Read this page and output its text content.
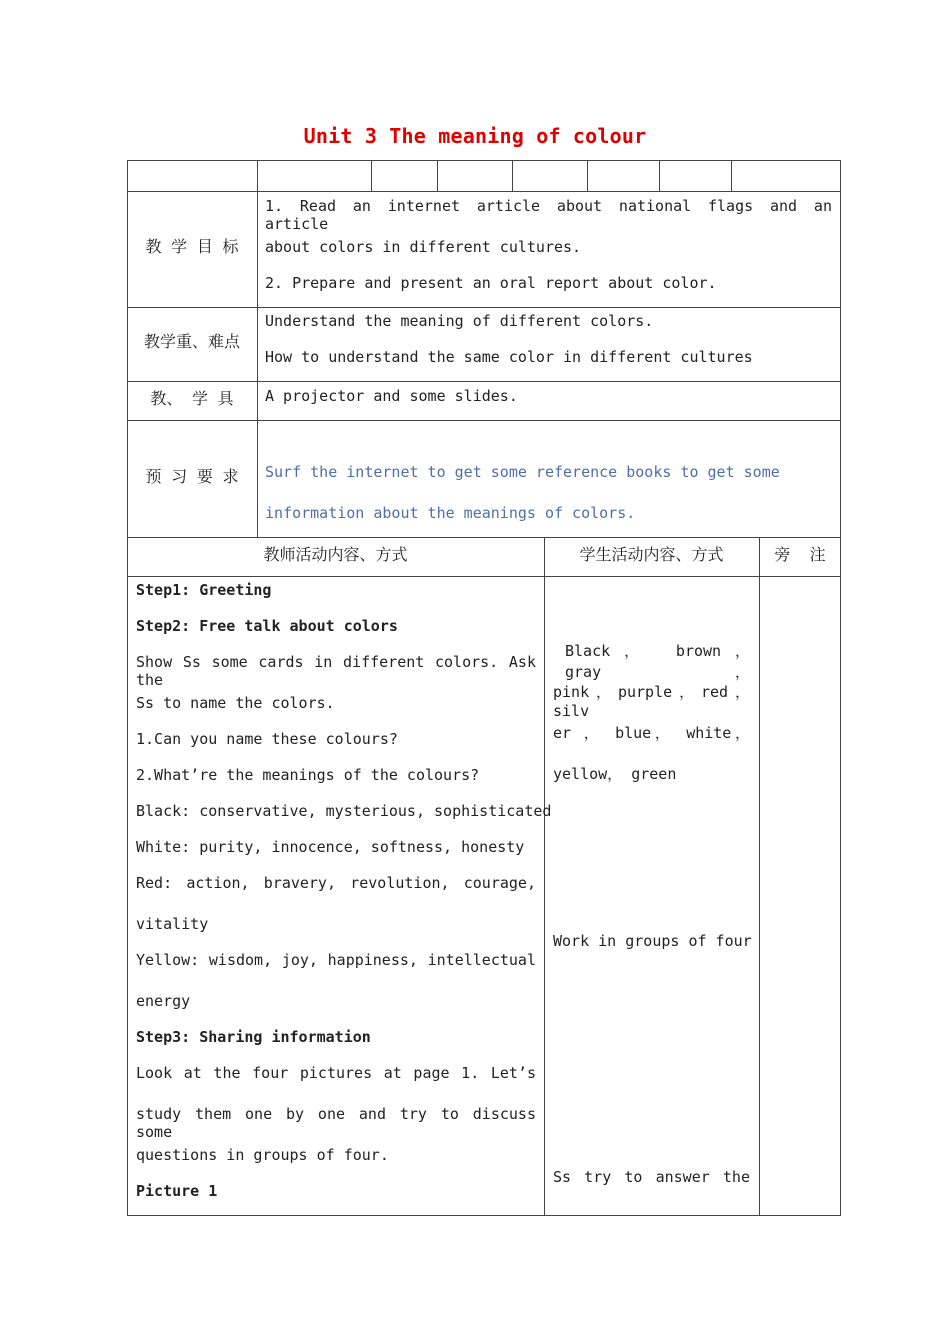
Unit 3 The meaning of colour
教 学 目 标
教学重、难点
教、 学 具
预 习 要 求
1. Read an internet article about national flags and an article
about colors in different cultures.
2. Prepare and present an oral report about color.
Understand the meaning of different colors.
How to understand the same color in different cultures
A projector and some slides.
Surf the internet to get some reference books to get some
information about the meanings of colors.
教师活动内容、方式	学生活动内容、方式	旁  注
Step1: Greeting
Step2: Free talk about colors
Show Ss some cards in different colors. Ask the
Ss to name the colors.
1.Can you name these colours?
2.What’re the meanings of the colours?
Black: conservative, mysterious, sophisticated
White: purity, innocence, softness, honesty
Red: action, bravery, revolution, courage,
vitality
Yellow: wisdom, joy, happiness, intellectual
energy
Step3: Sharing information
Look at the four pictures at page 1. Let’s
study them one by one and try to discuss some
questions in groups of four.
Picture 1
Black， brown， gray，
pink，purple，red，silv
er ， blue， white，
yellow， green
Work in groups of four
Ss try to answer the
